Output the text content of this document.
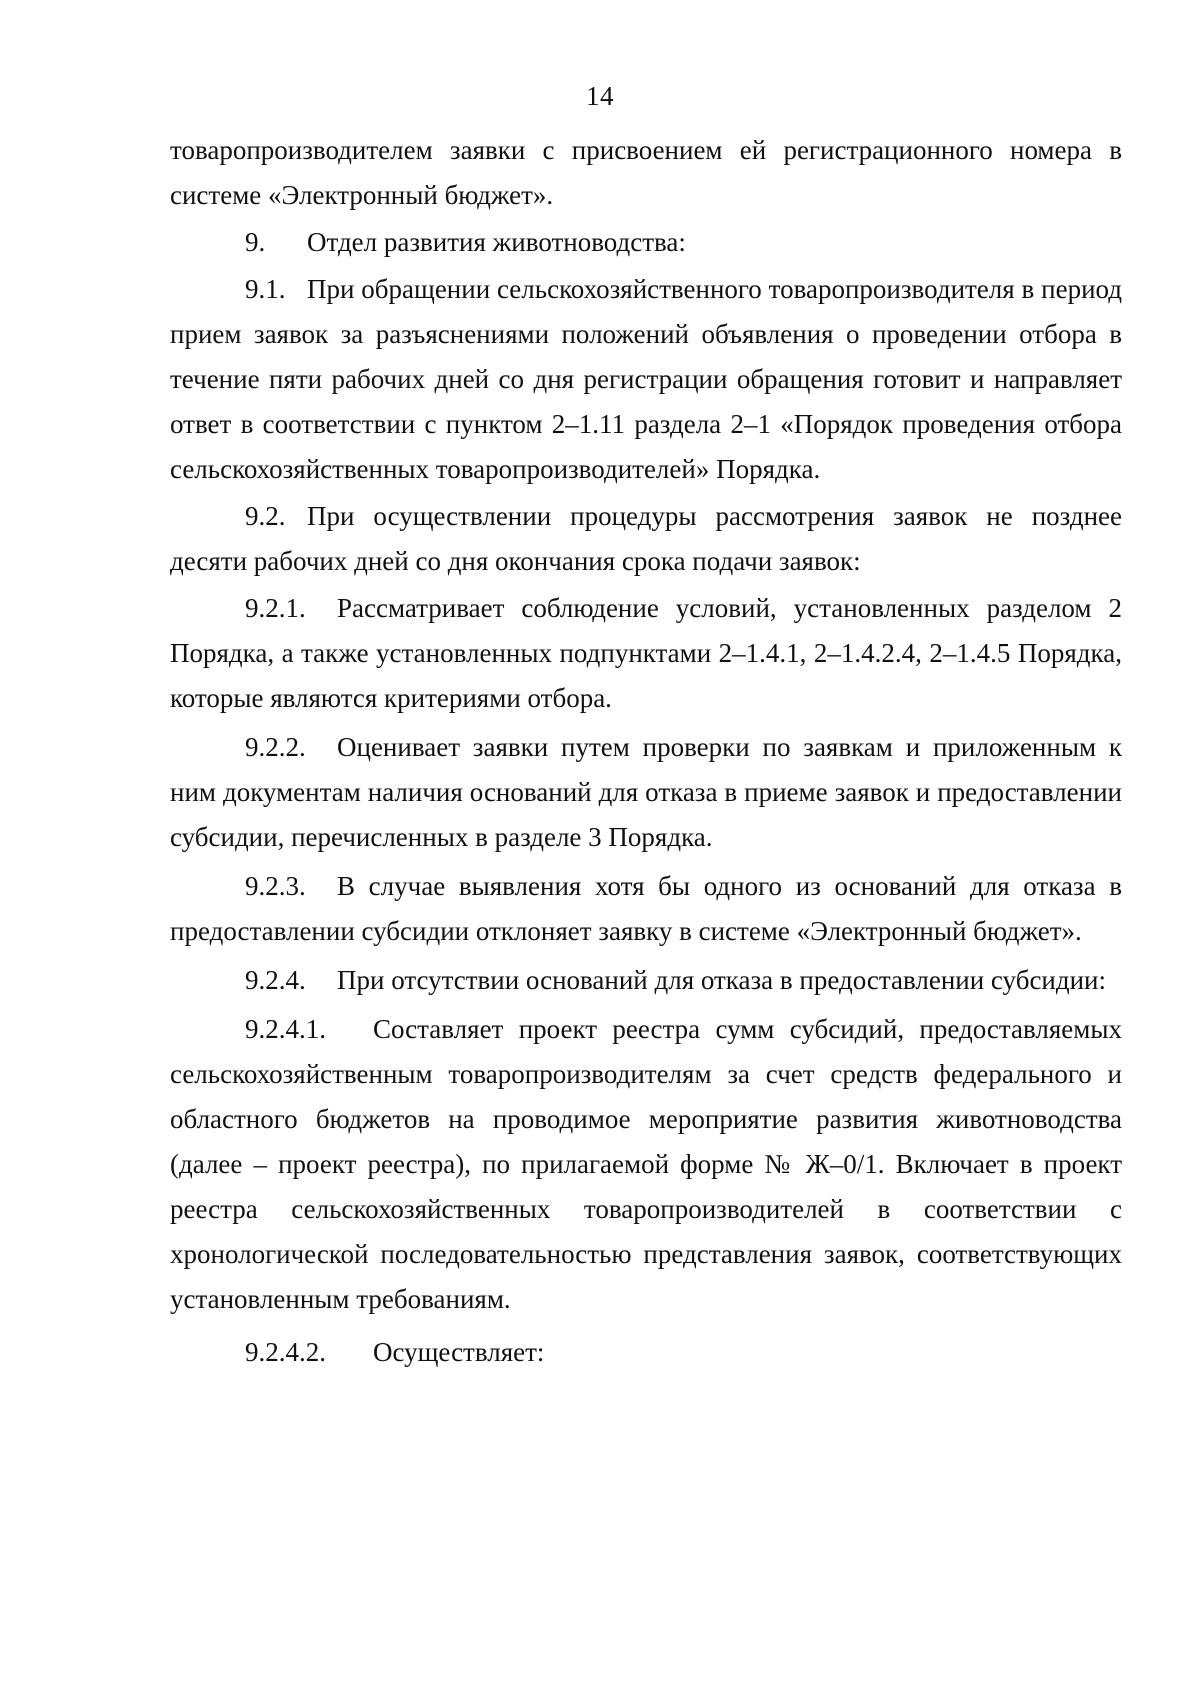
14

товаропроизводителем заявки с присвоением ей регистрационного номера в системе «Электронный бюджет».

9. Отдел развития животноводства:

9.1. При обращении сельскохозяйственного товаропроизводителя в период прием заявок за разъяснениями положений объявления о проведении отбора в течение пяти рабочих дней со дня регистрации обращения готовит и направляет ответ в соответствии с пунктом 2–1.11 раздела 2–1 «Порядок проведения отбора сельскохозяйственных товаропроизводителей» Порядка.

9.2. При осуществлении процедуры рассмотрения заявок не позднее десяти рабочих дней со дня окончания срока подачи заявок:

9.2.1. Рассматривает соблюдение условий, установленных разделом 2 Порядка, а также установленных подпунктами 2–1.4.1, 2–1.4.2.4, 2–1.4.5 Порядка, которые являются критериями отбора.

9.2.2. Оценивает заявки путем проверки по заявкам и приложенным к ним документам наличия оснований для отказа в приеме заявок и предоставлении субсидии, перечисленных в разделе 3 Порядка.

9.2.3. В случае выявления хотя бы одного из оснований для отказа в предоставлении субсидии отклоняет заявку в системе «Электронный бюджет».

9.2.4. При отсутствии оснований для отказа в предоставлении субсидии:

9.2.4.1. Составляет проект реестра сумм субсидий, предоставляемых сельскохозяйственным товаропроизводителям за счет средств федерального и областного бюджетов на проводимое мероприятие развития животноводства (далее – проект реестра), по прилагаемой форме № Ж–0/1. Включает в проект реестра сельскохозяйственных товаропроизводителей в соответствии с хронологической последовательностью представления заявок, соответствующих установленным требованиям.

9.2.4.2. Осуществляет:
